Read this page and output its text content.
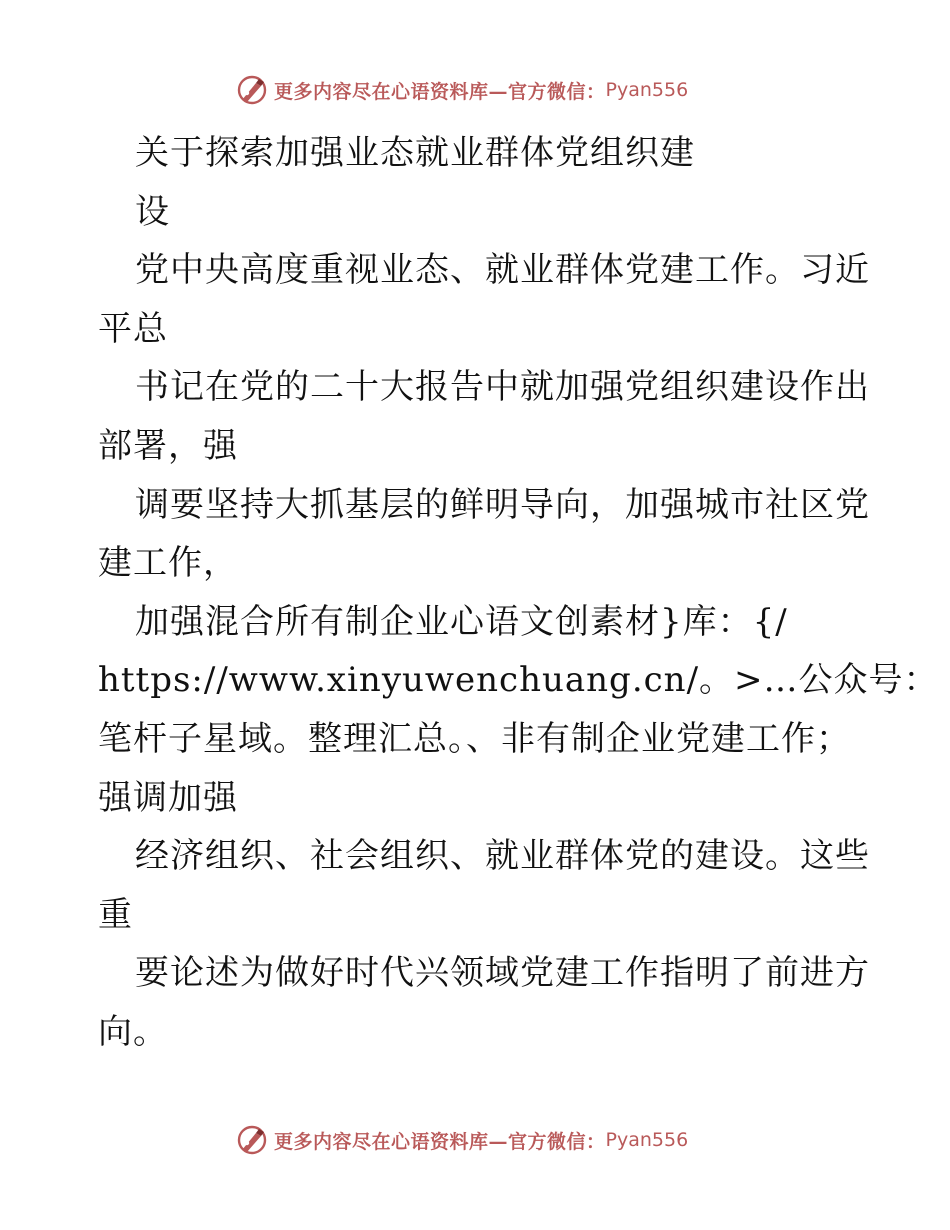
更多内容尽在心语资料库—官方微信： Pyan556
关于探索加强业态就业群体党组织建
设
党中央高度重视业态、就业群体党建工作。习近
平总
书记在党的二十大报告中就加强党组织建设作出
部署，强
调要坚持大抓基层的鲜明导向，加强城市社区党
建工作，
加强混合所有制企业心语文创素材}库：{/
https://www.xinyuwenchuang.cn/。>…公众号：
笔杆子星域。整理汇总。、非有制企业党建工作；
强调加强
经济组织、社会组织、就业群体党的建设。这些
重
要论述为做好时代兴领域党建工作指明了前进方
向。
更多内容尽在心语资料库—官方微信： Pyan556
